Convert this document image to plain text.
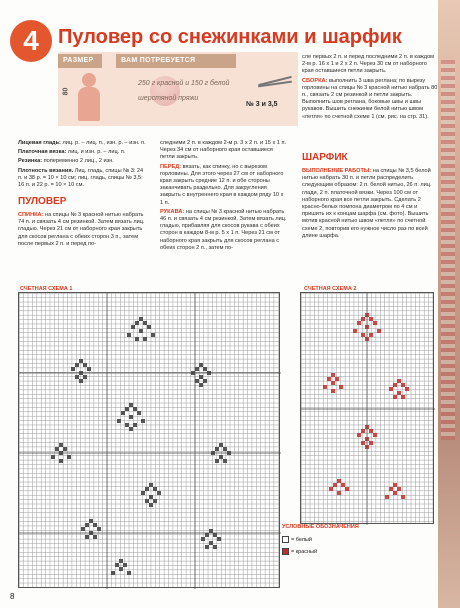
4 Пуловер со снежинками и шарфик
РАЗМЕР	ВАМ ПОТРЕБУЕТСЯ
80
250 г красной и 150 г белой шерстяной пряжи
№ 3 и 3,5

Лицевая гладь: лиц. р. – лиц. п., изн. р. – изн. п.

Платочная вязка: лиц. и изн. р. – лиц. п.

Резинка: попеременно 2 лиц., 2 изн.

Плотность вязания. Лиц. гладь, спицы № 3: 24 п. и 38 р. = 10 × 10 см; лиц. гладь, спицы № 3,5: 16 п. и 22 р. = 10 × 10 см.

ПУЛОВЕР

СПИНКА: на спицы № 3 красной нитью набрать 74 п. и связать 4 см резинкой. Затем вязать лиц. гладью. Через 21 см от наборного края закрыть для скосов реглана с обеих сторон 3 п., затем после первых 2 п. и перед по-

следними 2 п. в каждом 2-м р. 3 х 2 п. и 15 х 1 п. Через 34 см от наборного края оставшиеся петли закрыть.

ПЕРЕД: вязать, как спинку, но с вырезом горловины. Для этого через 27 см от наборного края закрыть средние 12 п. и обе стороны заканчивать раздельно. Для закругления закрыть с внутреннего края в каждом ряду 10 х 1 п.

РУКАВА: на спицы № 3 красной нитью набрать 46 п. и связать 4 см резинкой. Затем вязать лиц. гладью, прибавляя для скосов рукава с обеих сторон в каждом 8-м р. 5 х 1 п. Через 21 см от наборного края закрыть для скосов реглана с обеих сторон 2 п., затем по-

сле первых 2 п. и перед последними 2 п. в каждом 2-м р. 16 х 1 и 2 х 2 п. Через 30 см от наборного края оставшиеся петли закрыть.

СБОРКА: выполнить 3 шва реглана; по вырезу горловины на спицы № 3 красной нитью набрать 80 п., связать 2 см резинкой и петли закрыть. Выполнить шов реглана, боковые швы и швы рукавов. Вышить снежинки белой нитью швом «петля» по счетной схеме 1 (см. рис. на стр. 31).

ШАРФИК

ВЫПОЛНЕНИЕ РАБОТЫ: на спицы № 3,5 белой нитью набрать 30 п. и петли распределить следующим образом: 2 п. белой нитью, 26 п. лиц. глади, 2 п. платочной вязки. Через 100 см от наборного края все петли закрыть. Сделать 2 красно-белых помпона диаметром по 4 см и пришить их к концам шарфа (см. фото). Вышить мотив красной нитью швом «петля» по счетной схеме 2, повторив его нужное число раз по всей длине шарфа.

СЧЕТНАЯ СХЕМА 1	СЧЕТНАЯ СХЕМА 2
УСЛОВНЫЕ ОБОЗНАЧЕНИЯ
= белый
= красный
8
